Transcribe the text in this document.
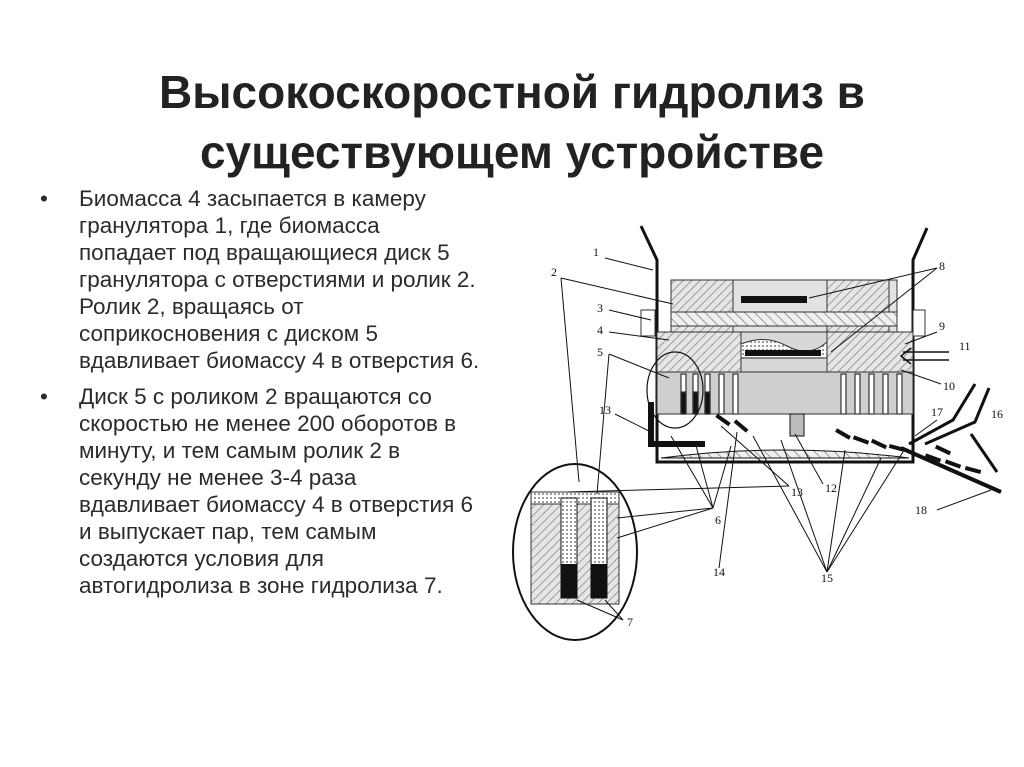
Высокоскоростной гидролиз в
существующем устройстве
•	Биомасса 4 засыпается в камеру гранулятора 1, где биомасса попадает под вращающиеся диск 5 гранулятора с отверстиями и ролик 2. Ролик 2, вращаясь от соприкосновения с диском 5 вдавливает биомассу 4 в отверстия 6.
•	Диск 5 с роликом 2 вращаются со скоростью не менее 200 оборотов в минуту, и тем самым ролик 2 в секунду не менее 3-4 раза вдавливает биомассу 4 в отверстия 6 и выпускает пар, тем самым создаются условия для автогидролиза в зоне гидролиза 7.
1
2
3
4
5
8
9
11
10
13	17	16
13 12
6
18
14	15
7
